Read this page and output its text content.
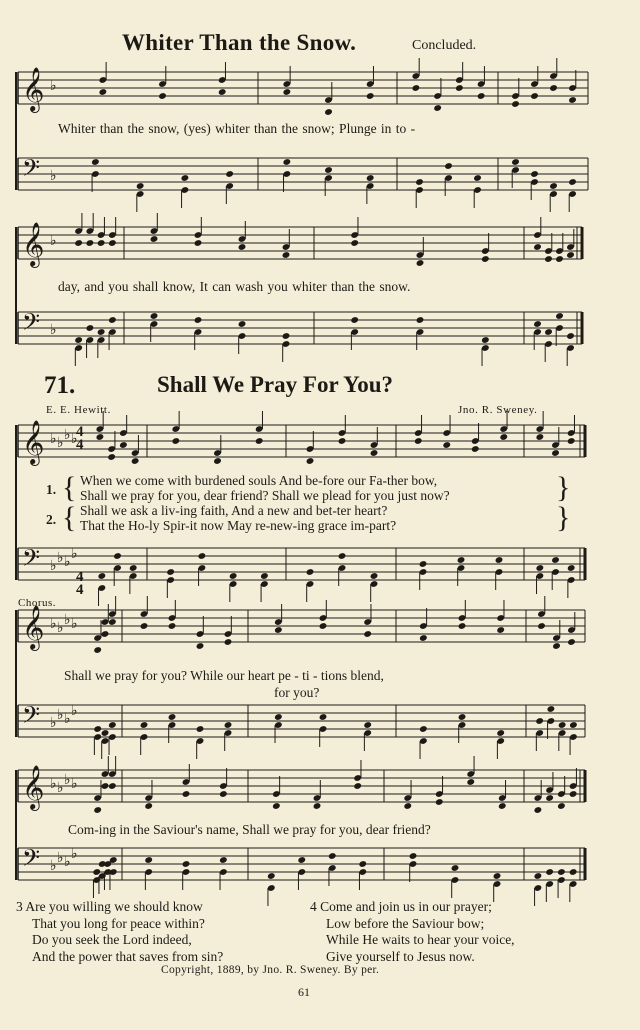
Whiter Than the Snow.	Concluded.
71.	Shall We Pray For You?
E. E. Hewitt.	Jno. R. Sweney.
𝄞 ♭
𝄢 ♭
𝄞 ♭
𝄢 ♭
𝄞 ♭ ♭ ♭ ♭
𝄢 ♭ ♭ ♭ ♭
𝄞 ♭ ♭ ♭ ♭
𝄢 ♭ ♭ ♭ ♭
𝄞 ♭ ♭ ♭ ♭
𝄢 ♭ ♭ ♭ ♭
Whiter than the snow, (yes) whiter than the snow; Plunge in to -
day, and you shall know, It can wash you whiter than the snow.
4
4
4
4
1. { When we come with burdened souls And be-fore our Fa-ther bow,
Shall we pray for you, dear friend? Shall we plead for you just now?	}
2. { Shall we ask a liv-ing faith, And a new and bet-ter heart?
That the Ho-ly Spir-it now May re-new-ing grace im-part?	}
Chorus.
Shall we pray for you? While our heart pe - ti - tions blend,
for you?
Com-ing in the Saviour's name, Shall we pray for you, dear friend?
3 Are you willing we should know
That you long for peace within?
Do you seek the Lord indeed,
And the power that saves from sin?
4 Come and join us in our prayer;
Low before the Saviour bow;
While He waits to hear your voice,
Give yourself to Jesus now.
Copyright, 1889, by Jno. R. Sweney. By per.
61
